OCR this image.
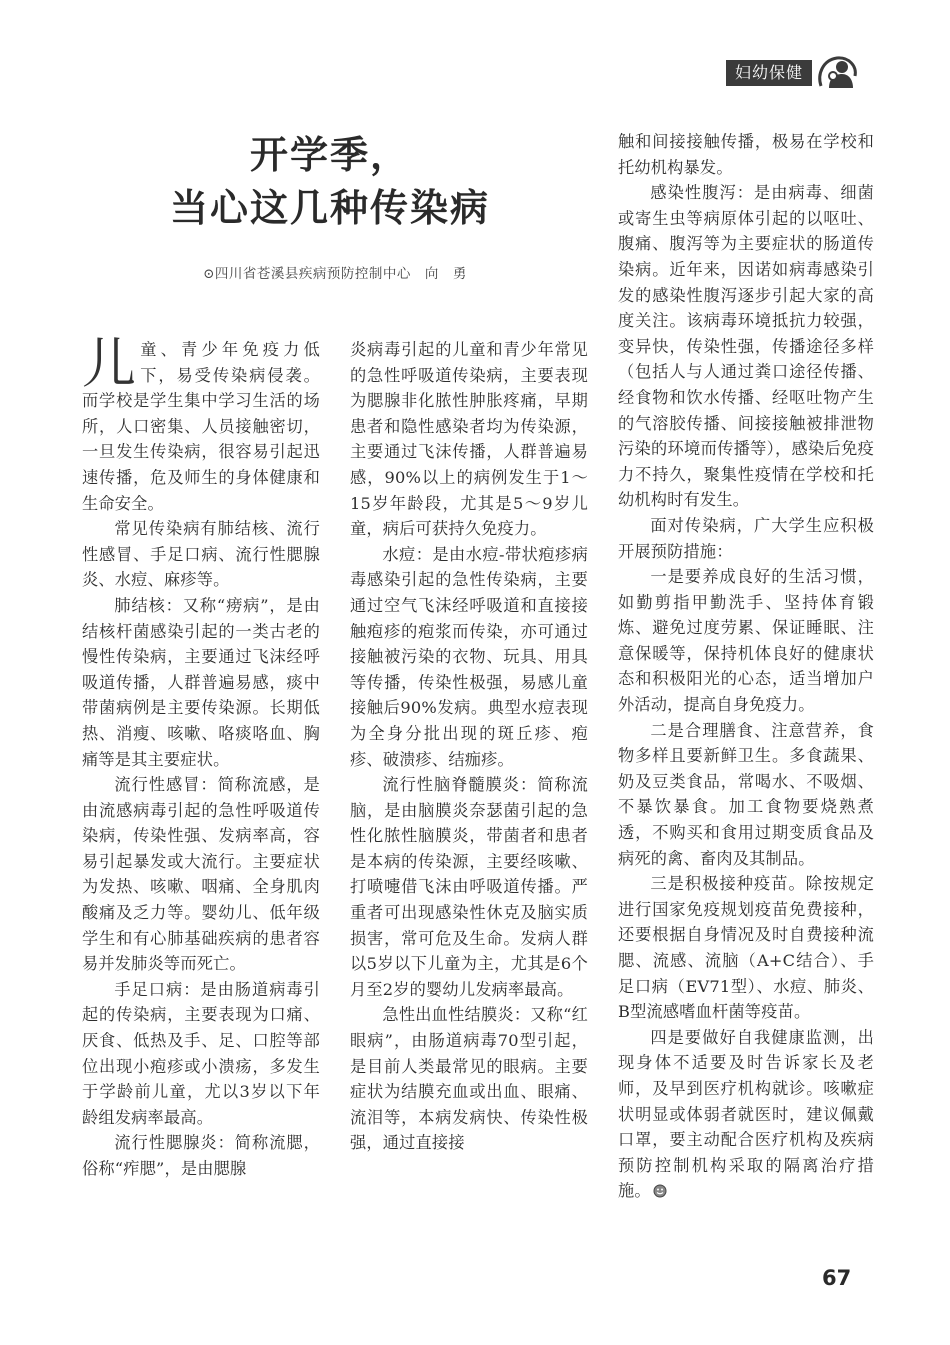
妇幼保健
开学季，
当心这几种传染病
⊙四川省苍溪县疾病预防控制中心　向　勇

儿童、青少年免疫力低下，易受传染病侵袭。而学校是学生集中学习生活的场所，人口密集、人员接触密切，一旦发生传染病，很容易引起迅速传播，危及师生的身体健康和生命安全。

常见传染病有肺结核、流行性感冒、手足口病、流行性腮腺炎、水痘、麻疹等。

肺结核：又称“痨病”，是由结核杆菌感染引起的一类古老的慢性传染病，主要通过飞沫经呼吸道传播，人群普遍易感，痰中带菌病例是主要传染源。长期低热、消瘦、咳嗽、咯痰咯血、胸痛等是其主要症状。

流行性感冒：简称流感，是由流感病毒引起的急性呼吸道传染病，传染性强、发病率高，容易引起暴发或大流行。主要症状为发热、咳嗽、咽痛、全身肌肉酸痛及乏力等。婴幼儿、低年级学生和有心肺基础疾病的患者容易并发肺炎等而死亡。

手足口病：是由肠道病毒引起的传染病，主要表现为口痛、厌食、低热及手、足、口腔等部位出现小疱疹或小溃疡，多发生于学龄前儿童，尤以3岁以下年龄组发病率最高。

流行性腮腺炎：简称流腮，俗称“痄腮”，是由腮腺

炎病毒引起的儿童和青少年常见的急性呼吸道传染病，主要表现为腮腺非化脓性肿胀疼痛，早期患者和隐性感染者均为传染源，主要通过飞沫传播，人群普遍易感，90%以上的病例发生于1～15岁年龄段，尤其是5～9岁儿童，病后可获持久免疫力。

水痘：是由水痘-带状疱疹病毒感染引起的急性传染病，主要通过空气飞沫经呼吸道和直接接触疱疹的疱浆而传染，亦可通过接触被污染的衣物、玩具、用具等传播，传染性极强，易感儿童接触后90%发病。典型水痘表现为全身分批出现的斑丘疹、疱疹、破溃疹、结痂疹。

流行性脑脊髓膜炎：简称流脑，是由脑膜炎奈瑟菌引起的急性化脓性脑膜炎，带菌者和患者是本病的传染源，主要经咳嗽、打喷嚏借飞沫由呼吸道传播。严重者可出现感染性休克及脑实质损害，常可危及生命。发病人群以5岁以下儿童为主，尤其是6个月至2岁的婴幼儿发病率最高。

急性出血性结膜炎：又称“红眼病”，由肠道病毒70型引起，是目前人类最常见的眼病。主要症状为结膜充血或出血、眼痛、流泪等，本病发病快、传染性极强，通过直接接

触和间接接触传播，极易在学校和托幼机构暴发。

感染性腹泻：是由病毒、细菌或寄生虫等病原体引起的以呕吐、腹痛、腹泻等为主要症状的肠道传染病。近年来，因诺如病毒感染引发的感染性腹泻逐步引起大家的高度关注。该病毒环境抵抗力较强，变异快，传染性强，传播途径多样（包括人与人通过粪口途径传播、经食物和饮水传播、经呕吐物产生的气溶胶传播、间接接触被排泄物污染的环境而传播等），感染后免疫力不持久，聚集性疫情在学校和托幼机构时有发生。

面对传染病，广大学生应积极开展预防措施：

一是要养成良好的生活习惯，如勤剪指甲勤洗手、坚持体育锻炼、避免过度劳累、保证睡眠、注意保暖等，保持机体良好的健康状态和积极阳光的心态，适当增加户外活动，提高自身免疫力。

二是合理膳食、注意营养，食物多样且要新鲜卫生。多食蔬果、奶及豆类食品，常喝水、不吸烟、不暴饮暴食。加工食物要烧熟煮透，不购买和食用过期变质食品及病死的禽、畜肉及其制品。

三是积极接种疫苗。除按规定进行国家免疫规划疫苗免费接种，还要根据自身情况及时自费接种流腮、流感、流脑（A+C结合）、手足口病（EV71型）、水痘、肺炎、B型流感嗜血杆菌等疫苗。

四是要做好自我健康监测，出现身体不适要及时告诉家长及老师，及早到医疗机构就诊。咳嗽症状明显或体弱者就医时，建议佩戴口罩，要主动配合医疗机构及疾病预防控制机构采取的隔离治疗措施。

67
